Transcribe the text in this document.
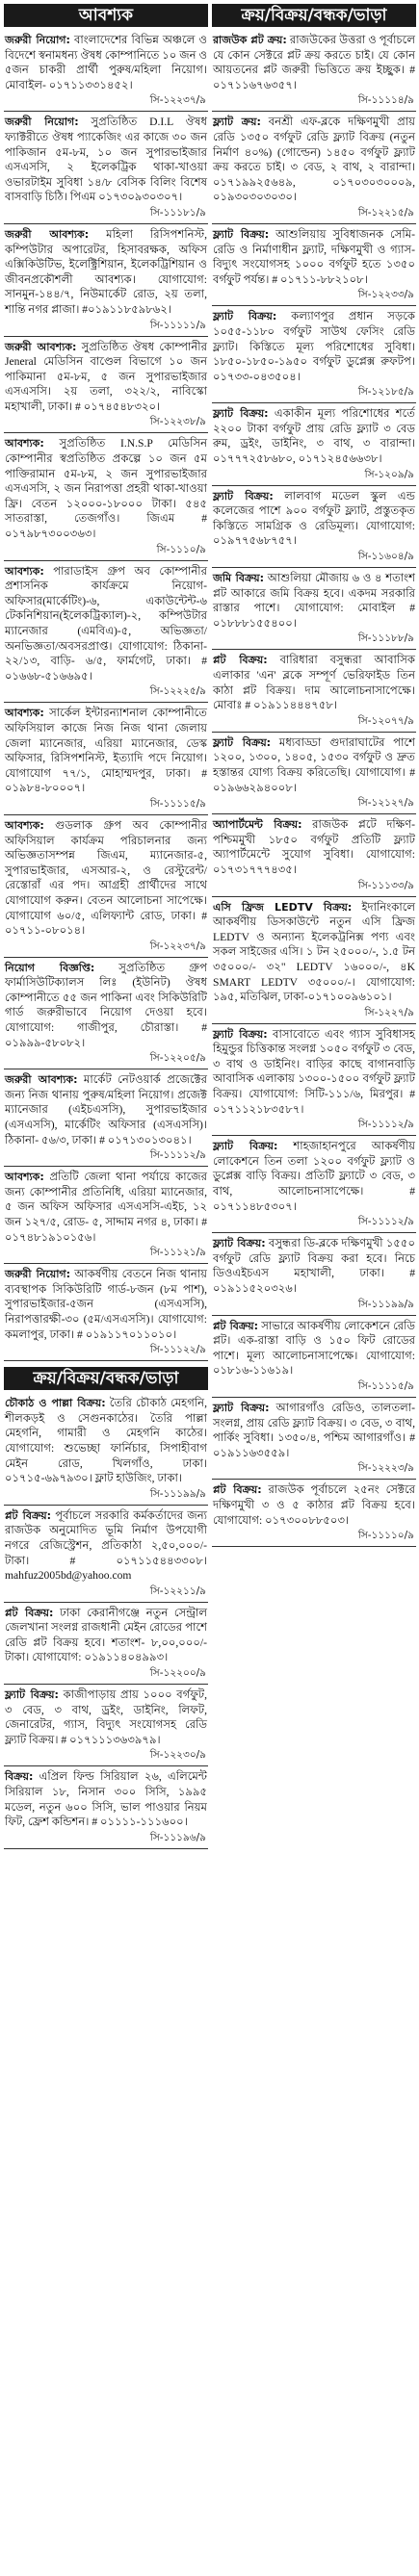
আবশ্যক

জরুরী নিয়োগ: বাংলাদেশের বিভিন্ন অঞ্চলে ও বিদেশে স্বনামধন্য ঔষধ কোম্পানিতে ১০ জন ও ৫জন চাকরী প্রার্থী পুরুষ/মহিলা নিয়োগ। মোবাইল- ০১৭১১৩৩১৪৫২।

সি-১২২৩৭/৯

জরুরী নিয়োগ: সুপ্রতিষ্ঠিত D.I.L ঔষধ ফ্যাক্টরীতে ঔষধ প্যাকেজিং এর কাজে ৩০ জন পাকিজান ৫ম-৮ম, ১০ জন সুপারভাইজার এসএসসি, ২ ইলেকট্রিক থাকা-খাওয়া ওভারটাইম সুবিধা ১৪/৮ বেসিক বিলিং বিশেষ বাসবাড়ি চিঠি। পিএম ০১৭৩০৯৩০৩০৭।

সি-১১১৮১/৯

জরুরী আবশ্যক: মহিলা রিসিপশনিস্ট, কম্পিউটার অপারেটর, হিসাবরক্ষক, অফিস এক্সিকিউটিভ, ইলেক্ট্রিশিয়ান, ইলেকট্রিশিয়ান ও জীবনপ্রকৌশলী আবশ্যক। যোগাযোগ: সানমুন-১৪৪/৭, নিউমার্কেট রোড, ২য় তলা, শান্তি নগর প্লাজা। #০১৯১১৮৫৯৮৬২।

সি-১১১১১/৯

জরুরী আবশ্যক: সুপ্রতিষ্ঠিত ঔষধ কোম্পানীর Jeneral মেডিসিন বাণ্ডেল বিভাগে ১০ জন পাকিমানা ৫ম-৮ম, ৫ জন সুপারভাইজার এসএসসি। ২য় তলা, ৩২২/২, নাবিস্কো মহাখালী, ঢাকা। # ০১৭৪৫৪৮৩২০।

সি-১২২৩৮/৯

আবশ্যক: সুপ্রতিষ্ঠিত I.N.S.P মেডিসিন কোম্পানীর স্বপ্রতিষ্ঠিত প্রকল্পে ১০ জন ৫ম পাক্তিরামান ৫ম-৮ম, ২ জন সুপারভাইজার এসএসসি, ২ জন নিরাপত্তা প্রহরী থাকা-খাওয়া ফ্রি। বেতন ১২০০০-১৮০০০ টাকা। ৫৪৫ সাতরাস্তা, তেজগাঁও। জিএম # ০১৭৯৮৭৩০০৩৬৩।

সি-১১১০/৯

আবশ্যক: পারাডাইস গ্রুপ অব কোম্পানীর প্রশাসনিক কার্যক্রমে নিয়োগ-অফিসার(মার্কেটিং)-৬, একাউন্টেন্ট-৬ টেকনিশিয়ান(ইলেকট্রিক্যাল)-২, কম্পিউটার ম্যানেজার (এমবিএ)-৫, অভিজ্ঞতা/অনভিজ্ঞতা/অবসরপ্রাপ্ত। যোগাযোগ: ঠিকানা- ২২/১৩, বাড়ি- ৬/৫, ফার্মগেট, ঢাকা। # ০১৬৬৮-৫১৬৬৯৫।

সি-১২২২৫/৯

আবশ্যক: সার্কেল ইন্টারন্যাশনাল কোম্পানীতে অফিসিয়াল কাজে নিজ নিজ থানা জেলায় জেলা ম্যানেজার, এরিয়া ম্যানেজার, ডেস্ক অফিসার, রিসিপশনিস্ট, ইত্যাদি পদে নিয়োগ। যোগাযোগ ৭৭/১, মোহাম্মদপুর, ঢাকা। # ০১৯৮৪-৮০০০৭।

সি-১১১১৫/৯

আবশ্যক: গুডলাক গ্রুপ অব কোম্পানীর অফিসিয়াল কার্যক্রম পরিচালনার জন্য অভিজ্ঞতাসম্পন্ন জিএম, ম্যানেজার-৫, সুপারভাইজার, এসআর-২, ও রেস্টুরেন্ট/রেস্তোরাঁ এর পদ। আগ্রহী প্রার্থীদের সাথে যোগাযোগ করুন। বেতন আলোচনা সাপেক্ষে। যোগাযোগ ৬০/৫, এলিফ্যান্ট রোড, ঢাকা। # ০১৭১১-০৮০১৪।

সি-১২২৩৭/৯

নিয়োগ বিজ্ঞপ্তি: সুপ্রতিষ্ঠিত গ্রুপ ফার্মাসিউটিক্যালস লিঃ (ইউনিট) ঔষধ কোম্পানীতে ৫৫ জন পাকিনা এবং সিকিউরিটি গার্ড জরুরীভাবে নিয়োগ দেওয়া হবে। যোগাযোগ: গাজীপুর, চৌরাস্তা। # ০১৯৯৯-৫৮০৮২।

সি-১২২০৫/৯

জরুরী আবশ্যক: মার্কেট নেটওয়ার্ক প্রজেক্টের জন্য নিজ থানায় পুরুষ/মহিলা নিয়োগ। প্রজেক্ট ম্যানেজার (এইচএসসি), সুপারভাইজার (এসএসসি), মার্কেটিং অফিসার (এসএসসি)। ঠিকানা- ৫৬/৩, ঢাকা। # ০১৭১৩০১৩০৪১।

সি-১১১১২/৯

আবশ্যক: প্রতিটি জেলা থানা পর্যায়ে কাজের জন্য কোম্পানীর প্রতিনিধি, এরিয়া ম্যানেজার, ৫ জন অফিস অফিসার এসএসসি-এইচ, ১২ জন ১২৭/৫, রোড- ৫, সাদ্দাম নগর ৪, ঢাকা। # ০১৭৪৮১৯১০১৫৬।

সি-১১১২১/৯

জরুরী নিয়োগ: আকর্ষণীয় বেতনে নিজ থানায় ব্যবস্থাপক সিকিউরিটি গার্ড-৮জন (৮ম পাশ), সুপারভাইজার-৫জন (এসএসসি), নিরাপত্তারক্ষী-৩০ (৫ম/এসএসসি)। যোগাযোগ: কমলাপুর, ঢাকা। # ০১৯১১৭০১১০১০।

সি-১১১২২/৯
ক্রয়/বিক্রয়/বন্ধক/ভাড়া

চৌকাঠ ও পাল্লা বিক্রয়: তৈরি চৌকাঠ মেহগনি, শীলকড়ই ও সেগুনকাঠের। তৈরি পাল্লা মেহগনি, গামারী ও মেহগনি কাঠের। যোগাযোগ: শুভেচ্ছা ফার্নিচার, সিপাহীবাগ মেইন রোড, খিলগাঁও, ঢাকা। ০১৭১৫-৬৯৭৯৩০। ফ্লাট হাউজিং, ঢাকা।

সি-১১১৯৯/৯

প্লট বিক্রয়: পূর্বাচলে সরকারি কর্মকর্তাদের জন্য রাজউক অনুমোদিত ভূমি নির্মাণ উপযোগী নগরে রেজিস্ট্রেশন, প্রতিকাঠা ২,৫০,০০০/- টাকা। # ০১৭১১৫৪৪৩৩০৮। mahfuz2005bd@yahoo.com

সি-১২২১১/৯

প্লট বিক্রয়: ঢাকা কেরানীগঞ্জে নতুন সেন্ট্রাল জেলখানা সংলগ্ন রাজধানী মেইন রোডের পাশে রেডি প্লট বিক্রয় হবে। শতাংশ- ৮,০০,০০০/- টাকা। যোগাযোগ: ০১৯১১৪০৪৯৯৩।

সি-১২২০০/৯

ফ্ল্যাট বিক্রয়: কাজীপাড়ায় প্রায় ১০০০ বর্গফুট, ৩ বেড, ৩ বাথ, ড্রইং, ডাইনিং, লিফট, জেনারেটর, গ্যাস, বিদ্যুৎ সংযোগসহ রেডি ফ্ল্যাট বিক্রয়। # ০১৭১১১৩৬৩৯৭৯।

সি-১২২৩০/৯

বিক্রয়: এপ্রিল ফিল্ড সিরিয়াল ২৬, এলিমেন্ট সিরিয়াল ১৮, নিসান ৩০০ সিসি, ১৯৯৫ মডেল, নতুন ৬০০ সিসি, ভাল পাওয়ার নিয়ম ফিট, ফ্রেশ কন্ডিশন। # ০১১১১-১১১৬০০।

সি-১১১৯৬/৯
ক্রয়/বিক্রয়/বন্ধক/ভাড়া

রাজউক প্লট ক্রয়: রাজউকের উত্তরা ও পূর্বাচলে যে কোন সেক্টরে প্লট ক্রয় করতে চাই। যে কোন আয়তনের প্লট জরুরী ভিত্তিতে ক্রয় ইচ্ছুক। # ০১৭১১৬৭৬৩৫৭।

সি-১১১১৪/৯

ফ্ল্যাট ক্রয়: বনশ্রী এফ-ব্লকে দক্ষিণমুখী প্রায় রেডি ১৩৫০ বর্গফুট রেডি ফ্ল্যাট বিক্রয় (নতুন নির্মাণ ৪০%) (গোল্ডেন) ১৪৫০ বর্গফুট ফ্ল্যাট ক্রয় করতে চাই। ৩ বেড, ২ বাথ, ২ বারান্দা। ০১৭১৯৯২৫৬৪৯, ০১৭০৩০৩০০০৯, ০১৯৩০৩০৩০৩০।

সি-১২২১৫/৯

ফ্ল্যাট বিক্রয়: আশুলিয়ায় সুবিধাজনক সেমি-রেডি ও নির্মাণাধীন ফ্ল্যাট, দক্ষিণমুখী ও গ্যাস-বিদ্যুৎ সংযোগসহ ১০০০ বর্গফুট হতে ১৩৫০ বর্গফুট পর্যন্ত। # ০১৭১১-৮৮২১০৮।

সি-১২২৩৩/৯

ফ্ল্যাট বিক্রয়: কল্যাণপুর প্রধান সড়কে ১০৫৫-১১৮০ বর্গফুট সাউথ ফেসিং রেডি ফ্ল্যাট। কিস্তিতে মূল্য পরিশোধের সুবিধা। ১৮৫০-১৮৫০-১৯৫০ বর্গফুট ডুপ্লেক্স রুফটপ। ০১৭৩৩-০৪৩৫০৪।

সি-১২১৮৫/৯

ফ্ল্যাট বিক্রয়: একাকীন মূল্য পরিশোধের শর্তে ২২০০ টাকা বর্গফুট প্রায় রেডি ফ্ল্যাট ৩ বেড রুম, ড্রইং, ডাইনিং, ৩ বাথ, ৩ বারান্দা। ০১৭৭৭২৫৮৬৮০, ০১৭১২৪৫৬৬৩৮।

সি-১২০৯/৯

ফ্ল্যাট বিক্রয়: লালবাগ মডেল স্কুল এন্ড কলেজের পাশে ৯০০ বর্গফুট ফ্ল্যাট, প্রস্তুতকৃত কিস্তিতে সামগ্রিক ও রেডিমূল্য। যোগাযোগ: ০১৯৭৭৫৬৮৭৫৭।

সি-১১৬০৪/৯

জমি বিক্রয়: আশুলিয়া মৌজায় ৬ ও ৪ শতাংশ প্লট আকারে জমি বিক্রয় হবে। একদম সরকারি রাস্তার পাশে। যোগাযোগ: মোবাইল # ০১৮৮৮১৫৫৪০০।

সি-১১১৮৮/৯

প্লট বিক্রয়: বারিধারা বসুন্ধরা আবাসিক এলাকার 'এন' ব্লকে সম্পূর্ণ ভেরিফাইড তিন কাঠা প্লট বিক্রয়। দাম আলোচনাসাপেক্ষে। মোবাঃ # ০১৯১১৪৪৪৭৫৮।

সি-১২০৭৭/৯

ফ্ল্যাট বিক্রয়: মধ্যবাড্ডা গুদারাঘাটের পাশে ১২০০, ১৩০০, ১৪০৫, ১৫৩০ বর্গফুট ও দ্রুত হস্তান্তর যোগ্য বিক্রয় করিতেছি। যোগাযোগ। # ০১৯৬৬২৯৪০০৮।

সি-১২১২৭/৯

অ্যাপার্টমেন্ট বিক্রয়: রাজউক প্লটে দক্ষিণ-পশ্চিমমুখী ১৮৫০ বর্গফুট প্রতিটি ফ্ল্যাট অ্যাপার্টমেন্টে সুযোগ সুবিধা। যোগাযোগ: ০১৭৩১৭৭৭৪৩৫।

সি-১১১৩৩/৯

এসি ফ্রিজ LEDTV বিক্রয়: ইদানিংকালে আকর্ষণীয় ডিসকাউন্টে নতুন এসি ফ্রিজ LEDTV ও অন্যান্য ইলেকট্রনিক্স পণ্য এবং সকল সাইজের এসি। ১ টন ২৫০০০/-, ১.৫ টন ৩৫০০০/- ৩২" LEDTV ১৬০০০/-, ৪K SMART LEDTV ৩৫০০০/-। যোগাযোগ: ১৯৫, মতিঝিল, ঢাকা-০১৭১০০৯৬১০১।

সি-১২২৭/৯

ফ্ল্যাট বিক্রয়: বাসাবোতে এবং গ্যাস সুবিধাসহ হিমুন্ডুর চিত্তিকান্ত সংলগ্ন ১০৫০ বর্গফুট ৩ বেড, ৩ বাথ ও ডাইনিং। বাড়ির কাছে বাগানবাড়ি আবাসিক এলাকায় ১৩০০-১৫০০ বর্গফুট ফ্ল্যাট বিক্রয়। যোগাযোগ: সিটি-১১১/৬, মিরপুর। # ০১৭১১২১৮৩৫৮৭।

সি-১১১১২/৯

ফ্ল্যাট বিক্রয়: শাহজাহানপুরে আকর্ষণীয় লোকেশনে তিন তলা ১২০০ বর্গফুট ফ্ল্যাট ও ডুপ্লেক্স বাড়ি বিক্রয়। প্রতিটি ফ্ল্যাটে ৩ বেড, ৩ বাথ, আলোচনাসাপেক্ষে। # ০১৭১১৪৮৫৩০৭।

সি-১১১১২/৯

ফ্ল্যাট বিক্রয়: বসুন্ধরা ডি-ব্লকে দক্ষিণমুখী ১৫৫০ বর্গফুট রেডি ফ্ল্যাট বিক্রয় করা হবে। নিচে ডিওএইচএস মহাখালী, ঢাকা। # ০১৯১১৫২০৩২৬।

সি-১১১৯৯/৯

প্লট বিক্রয়: সাভারে আকর্ষণীয় লোকেশনে রেডি প্লট। এক-রাস্তা বাড়ি ও ১৫০ ফিট রোডের পাশে। মূল্য আলোচনাসাপেক্ষে। যোগাযোগ: ০১৮১৬-১১৬১৯।

সি-১১১১৫/৯

ফ্ল্যাট বিক্রয়: আগারগাঁও রেডিও, তালতলা-সংলগ্ন, প্রায় রেডি ফ্ল্যাট বিক্রয়। ৩ বেড, ৩ বাথ, পার্কিং সুবিধা। ১৩৫০/৪, পশ্চিম আগারগাঁও। # ০১৯১১৬৩৫৫৯।

সি-১২২২৩/৯

প্লট বিক্রয়: রাজউক পূর্বাচলে ২৫নং সেক্টরে দক্ষিণমুখী ৩ ও ৫ কাঠার প্লট বিক্রয় হবে। যোগাযোগ: ০১৭৩০০৮৮৫০৩।

সি-১১১১০/৯
